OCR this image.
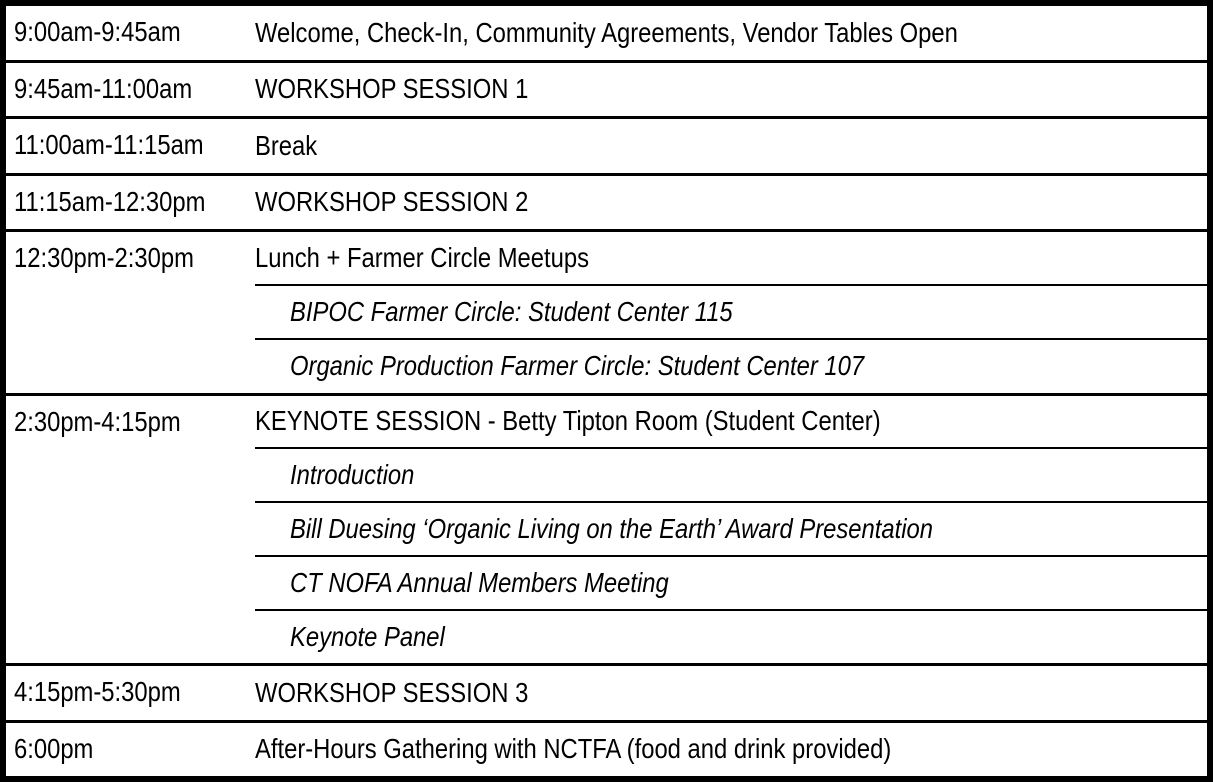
9:00am-9:45am	Welcome, Check-In, Community Agreements, Vendor Tables Open
9:45am-11:00am WORKSHOP SESSION 1
11:00am-11:15am Break
11:15am-12:30pm WORKSHOP SESSION 2
12:30pm-2:30pm Lunch + Farmer Circle Meetups
BIPOC Farmer Circle: Student Center 115
Organic Production Farmer Circle: Student Center 107
2:30pm-4:15pm	KEYNOTE SESSION - Betty Tipton Room (Student Center)
Introduction
Bill Duesing ‘Organic Living on the Earth’ Award Presentation
CT NOFA Annual Members Meeting
Keynote Panel
4:15pm-5:30pm	WORKSHOP SESSION 3
6:00pm	After-Hours Gathering with NCTFA (food and drink provided)
